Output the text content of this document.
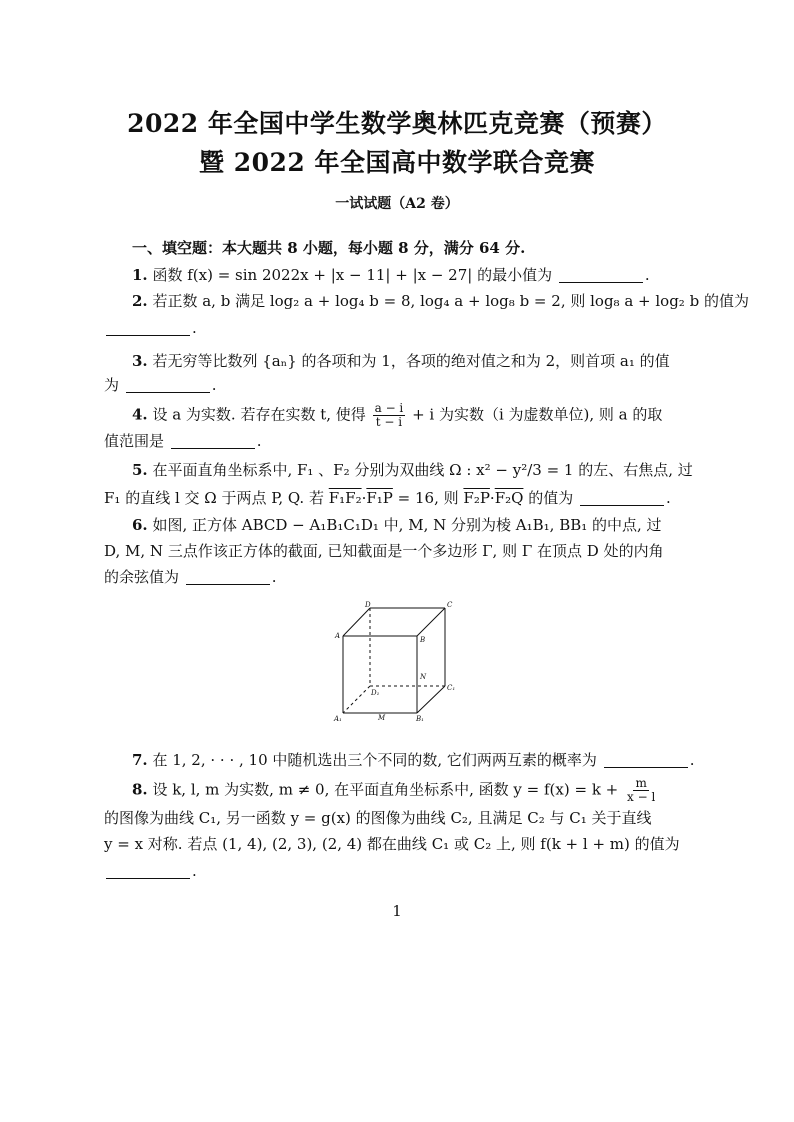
2022 年全国中学生数学奥林匹克竞赛（预赛）
暨 2022 年全国高中数学联合竞赛
一试试题（A2 卷）
一、填空题：本大题共 8 小题，每小题 8 分，满分 64 分.
1. 函数 f(x) = sin 2022x + |x − 11| + |x − 27| 的最小值为	.
2. 若正数 a, b 满足 log₂ a + log₄ b = 8, log₄ a + log₈ b = 2, 则 log₈ a + log₂ b 的值为
.
3. 若无穷等比数列 {aₙ} 的各项和为 1，各项的绝对值之和为 2，则首项 a₁ 的值
为	.
4. 设 a 为实数. 若存在实数 t, 使得 $\frac{a - i}{t - i} + i$ 为实数（i 为虚数单位), 则 a 的取
值范围是	.
5. 在平面直角坐标系中, F₁ 、F₂ 分别为双曲线 Ω : x² − y²/3 = 1 的左、右焦点, 过
F₁ 的直线 l 交 Ω 于两点 P, Q. 若 F₁F₂·F₁P = 16, 则 F₂P·F₂Q 的值为	.
6. 如图, 正方体 ABCD − A₁B₁C₁D₁ 中, M, N 分别为棱 A₁B₁, BB₁ 的中点, 过
D, M, N 三点作该正方体的截面, 已知截面是一个多边形 Γ, 则 Γ 在顶点 D 处的内角
的余弦值为	.
D	C
A	B
N
D₁
C₁
A₁	M	B₁
7. 在 1, 2, · · · , 10 中随机选出三个不同的数, 它们两两互素的概率为	.
8. 设 k, l, m 为实数, m ≠ 0, 在平面直角坐标系中, 函数 $y = f(x) = k + \frac{m}{x - l}$
的图像为曲线 C₁, 另一函数 y = g(x) 的图像为曲线 C₂, 且满足 C₂ 与 C₁ 关于直线
y = x 对称. 若点 (1, 4), (2, 3), (2, 4) 都在曲线 C₁ 或 C₂ 上, 则 f(k + l + m) 的值为
.
1
